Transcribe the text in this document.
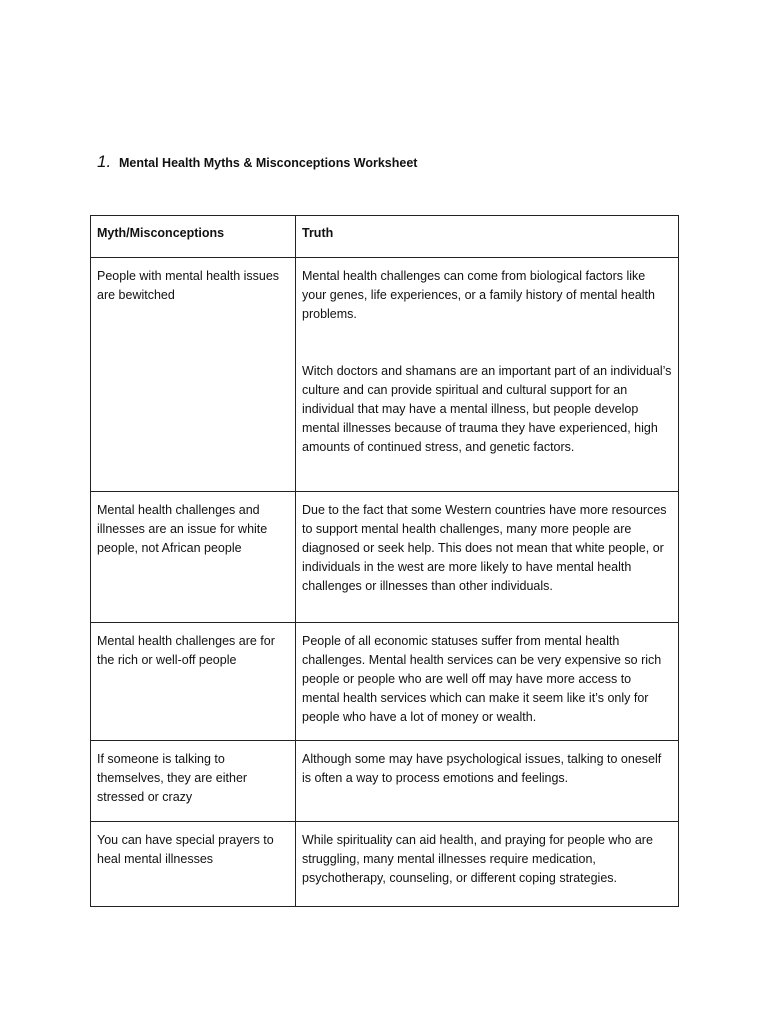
1. Mental Health Myths & Misconceptions Worksheet
Myth/Misconceptions	Truth
People with mental health issues are bewitched	Mental health challenges can come from biological factors like your genes, life experiences, or a family history of mental health problems.
Witch doctors and shamans are an important part of an individual’s culture and can provide spiritual and cultural support for an individual that may have a mental illness, but people develop mental illnesses because of trauma they have experienced, high amounts of continued stress, and genetic factors.

Mental health challenges and illnesses are an issue for white people, not African people	Due to the fact that some Western countries have more resources to support mental health challenges, many more people are diagnosed or seek help. This does not mean that white people, or individuals in the west are more likely to have mental health challenges or illnesses than other individuals.

Mental health challenges are for the rich or well-off people	People of all economic statuses suffer from mental health challenges. Mental health services can be very expensive so rich people or people who are well off may have more access to mental health services which can make it seem like it’s only for people who have a lot of money or wealth.

If someone is talking to themselves, they are either stressed or crazy	Although some may have psychological issues, talking to oneself is often a way to process emotions and feelings.

You can have special prayers to heal mental illnesses	While spirituality can aid health, and praying for people who are struggling, many mental illnesses require medication, psychotherapy, counseling, or different coping strategies.
